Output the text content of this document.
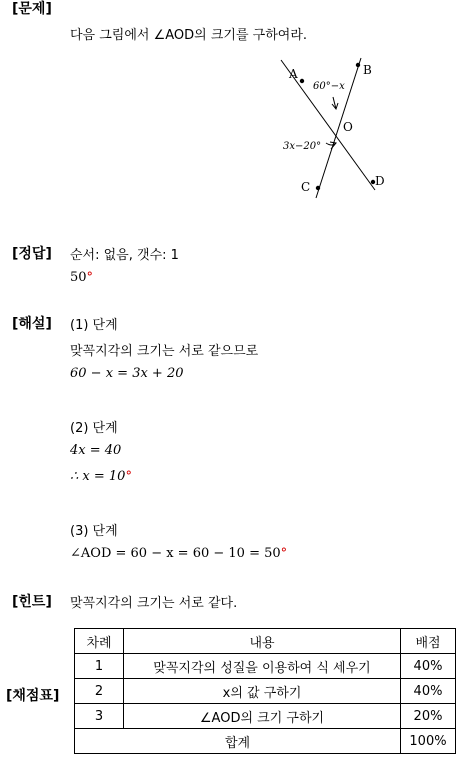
[문제]
다음 그림에서 ∠AOD의 크기를 구하여라.
A	B
C	D
O
60°−x
3x−20°
[정답] 순서: 없음, 갯수: 1
50°
[해설] (1) 단계
맞꼭지각의 크기는 서로 같으므로
60 − x = 3x + 20
(2) 단계
4x = 40
∴ x = 10°
(3) 단계
∠AOD = 60 − x = 60 − 10 = 50°
[힌트] 맞꼭지각의 크기는 서로 같다.
[채점표]
차례	내용	배점
1	맞꼭지각의 성질을 이용하여 식 세우기	40%
2	x의 값 구하기	40%
3	∠AOD의 크기 구하기	20%
합계		100%
